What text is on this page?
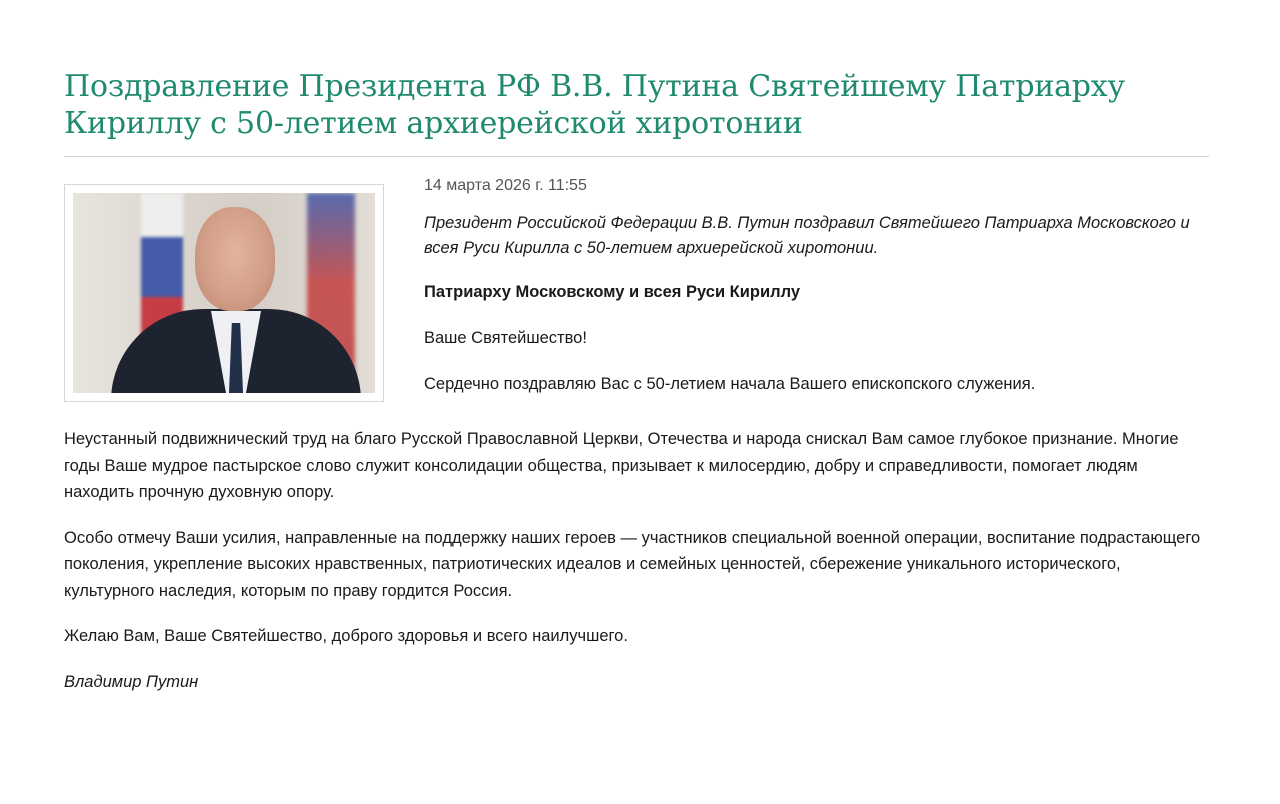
Поздравление Президента РФ В.В. Путина Святейшему Патриарху Кириллу с 50-летием архиерейской хиротонии
14 марта 2026 г. 11:55
Президент Российской Федерации В.В. Путин поздравил Святейшего Патриарха Московского и всея Руси Кирилла с 50-летием архиерейской хиротонии.
Патриарху Московскому и всея Руси Кириллу
Ваше Святейшество!
Сердечно поздравляю Вас с 50-летием начала Вашего епископского служения.

Неустанный подвижнический труд на благо Русской Православной Церкви, Отечества и народа снискал Вам самое глубокое признание. Многие годы Ваше мудрое пастырское слово служит консолидации общества, призывает к милосердию, добру и справедливости, помогает людям находить прочную духовную опору.

Особо отмечу Ваши усилия, направленные на поддержку наших героев — участников специальной военной операции, воспитание подрастающего поколения, укрепление высоких нравственных, патриотических идеалов и семейных ценностей, сбережение уникального исторического, культурного наследия, которым по праву гордится Россия.

Желаю Вам, Ваше Святейшество, доброго здоровья и всего наилучшего.

Владимир Путин
